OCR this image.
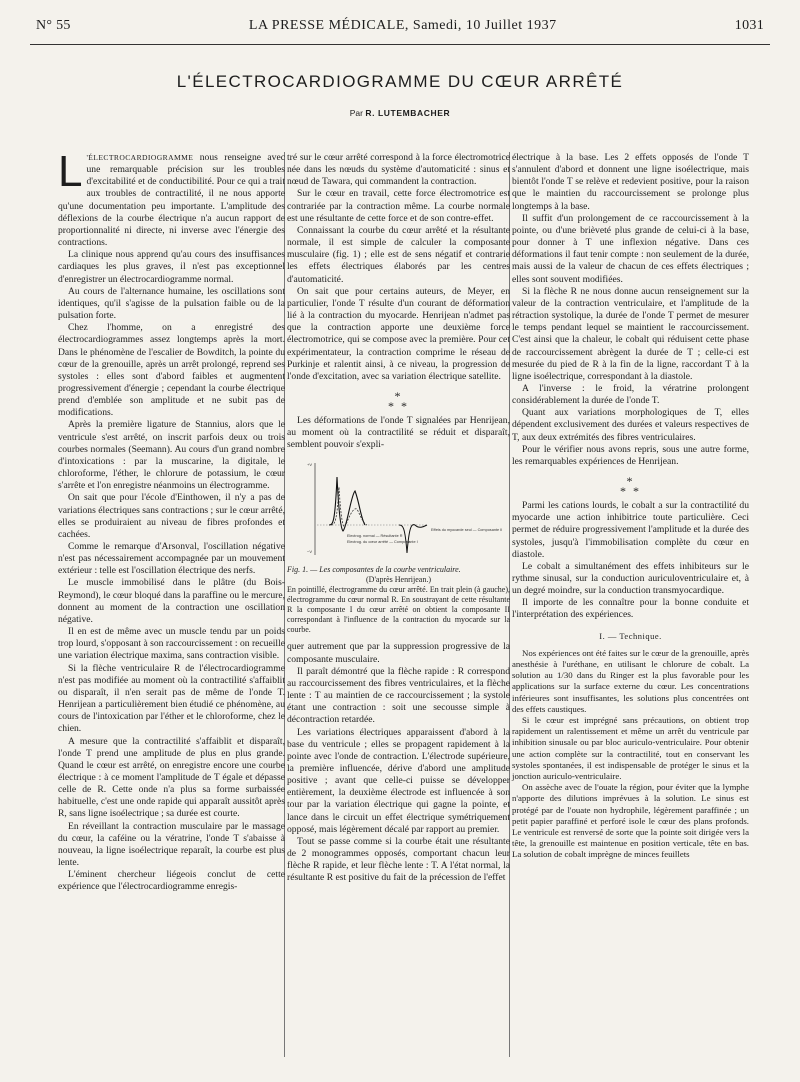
N° 55	LA PRESSE MÉDICALE, Samedi, 10 Juillet 1937	1031
L'ÉLECTROCARDIOGRAMME DU CŒUR ARRÊTÉ
Par R. LUTEMBACHER

L 'ÉLECTROCARDIOGRAMME nous renseigne avec une remarquable précision sur les troubles d'excitabilité et de conductibilité. Pour ce qui a trait aux troubles de contractilité, il ne nous apporte qu'une documentation peu importante. L'amplitude des déflexions de la courbe électrique n'a aucun rapport de proportionnalité ni directe, ni inverse avec l'énergie des contractions.

La clinique nous apprend qu'au cours des insuffisances cardiaques les plus graves, il n'est pas exceptionnel d'enregistrer un électrocardiogramme normal.

Au cours de l'alternance humaine, les oscillations sont identiques, qu'il s'agisse de la pulsation faible ou de la pulsation forte.

Chez l'homme, on a enregistré des électrocardiogrammes assez longtemps après la mort. Dans le phénomène de l'escalier de Bowditch, la pointe du cœur de la grenouille, après un arrêt prolongé, reprend ses systoles : elles sont d'abord faibles et augmentent progressivement d'énergie ; cependant la courbe électrique prend d'emblée son amplitude et ne subit pas de modifications.

Après la première ligature de Stannius, alors que le ventricule s'est arrêté, on inscrit parfois deux ou trois courbes normales (Seemann). Au cours d'un grand nombre d'intoxications : par la muscarine, la digitale, le chloroforme, l'éther, le chlorure de potassium, le cœur s'arrête et l'on enregistre néanmoins un électrogramme.

On sait que pour l'école d'Einthowen, il n'y a pas de variations électriques sans contractions ; sur le cœur arrêté, elles se produiraient au niveau de fibres profondes et cachées.

Comme le remarque d'Arsonval, l'oscillation négative n'est pas nécessairement accompagnée par un mouvement extérieur : telle est l'oscillation électrique des nerfs.

Le muscle immobilisé dans le plâtre (du Bois-Reymond), le cœur bloqué dans la paraffine ou le mercure, donnent au moment de la contraction une oscillation négative.

Il en est de même avec un muscle tendu par un poids trop lourd, s'opposant à son raccourcissement : on recueille une variation électrique maxima, sans contraction visible.

Si la flèche ventriculaire R de l'électrocardiogramme n'est pas modifiée au moment où la contractilité s'affaiblit ou disparaît, il n'en serait pas de même de l'onde T. Henrijean a particulièrement bien étudié ce phénomène, au cours de l'intoxication par l'éther et le chloroforme, chez le chien.

A mesure que la contractilité s'affaiblit et disparaît, l'onde T prend une amplitude de plus en plus grande. Quand le cœur est arrêté, on enregistre encore une courbe électrique : à ce moment l'amplitude de T égale et dépasse celle de R. Cette onde n'a plus sa forme surbaissée habituelle, c'est une onde rapide qui apparaît aussitôt après R, sans ligne isoélectrique ; sa durée est courte.

En réveillant la contraction musculaire par le massage du cœur, la caféine ou la vératrine, l'onde T s'abaisse à nouveau, la ligne isoélectrique reparaît, la courbe est plus lente.

L'éminent chercheur liégeois conclut de cette expérience que l'électrocardiogramme enregis-

tré sur le cœur arrêté correspond à la force électromotrice née dans les nœuds du système d'automaticité : sinus et nœud de Tawara, qui commandent la contraction.

Sur le cœur en travail, cette force électromotrice est contrariée par la contraction même. La courbe normale est une résultante de cette force et de son contre-effet.

Connaissant la courbe du cœur arrêté et la résultante normale, il est simple de calculer la composante musculaire (fig. 1) ; elle est de sens négatif et contrarie les effets électriques élaborés par les centres d'automaticité.

On sait que pour certains auteurs, de Meyer, en particulier, l'onde T résulte d'un courant de déformation lié à la contraction du myocarde. Henrijean n'admet pas que la contraction apporte une deuxième force électromotrice, qui se compose avec la première. Pour cet expérimentateur, la contraction comprime le réseau de Purkinje et ralentit ainsi, à ce niveau, la progression de l'onde d'excitation, avec sa variation électrique satellite.

*
* *

Les déformations de l'onde T signalées par Henrijean, au moment où la contractilité se réduit et disparaît, semblent pouvoir s'expli-

+V
−V
Electrog. normal — Résultante R
Electrog. du cœur arrêté — Composante I
Effets du myocarde seul — Composante II

Fig. 1. — Les composantes de la courbe ventriculaire.
(D'après Henrijean.)
En pointillé, électrogramme du cœur arrêté. En trait plein (à gauche), électrogramme du cœur normal R. En soustrayant de cette résultante R la composante I du cœur arrêté on obtient la composante II correspondant à l'influence de la contraction du myocarde sur la courbe.

quer autrement que par la suppression progressive de la composante musculaire.

Il paraît démontré que la flèche rapide : R correspond au raccourcissement des fibres ventriculaires, et la flèche lente : T au maintien de ce raccourcissement ; la systole étant une contraction : soit une secousse simple à décontraction retardée.

Les variations électriques apparaissent d'abord à la base du ventricule ; elles se propagent rapidement à la pointe avec l'onde de contraction. L'électrode supérieure, la première influencée, dérive d'abord une amplitude positive ; avant que celle-ci puisse se développer entièrement, la deuxième électrode est influencée à son tour par la variation électrique qui gagne la pointe, et lance dans le circuit un effet électrique symétriquement opposé, mais légèrement décalé par rapport au premier.

Tout se passe comme si la courbe était une résultante de 2 monogrammes opposés, comportant chacun leur flèche R rapide, et leur flèche lente : T. A l'état normal, la résultante R est positive du fait de la précession de l'effet

électrique à la base. Les 2 effets opposés de l'onde T s'annulent d'abord et donnent une ligne isoélectrique, mais bientôt l'onde T se relève et redevient positive, pour la raison que le maintien du raccourcissement se prolonge plus longtemps à la base.

Il suffit d'un prolongement de ce raccourcissement à la pointe, ou d'une brièveté plus grande de celui-ci à la base, pour donner à T une inflexion négative. Dans ces déformations il faut tenir compte : non seulement de la durée, mais aussi de la valeur de chacun de ces effets électriques ; elles sont souvent modifiées.

Si la flèche R ne nous donne aucun renseignement sur la valeur de la contraction ventriculaire, et l'amplitude de la rétraction systolique, la durée de l'onde T permet de mesurer le temps pendant lequel se maintient le raccourcissement. C'est ainsi que la chaleur, le cobalt qui réduisent cette phase de raccourcissement abrègent la durée de T ; celle-ci est mesurée du pied de R à la fin de la ligne, raccordant T à la ligne isoélectrique, correspondant à la diastole.

A l'inverse : le froid, la vératrine prolongent considérablement la durée de l'onde T.

Quant aux variations morphologiques de T, elles dépendent exclusivement des durées et valeurs respectives de T, aux deux extrémités des fibres ventriculaires.

Pour le vérifier nous avons repris, sous une autre forme, les remarquables expériences de Henrijean.

*
* *

Parmi les cations lourds, le cobalt a sur la contractilité du myocarde une action inhibitrice toute particulière. Ceci permet de réduire progressivement l'amplitude et la durée des systoles, jusqu'à l'immobilisation complète du cœur en diastole.

Le cobalt a simultanément des effets inhibiteurs sur le rythme sinusal, sur la conduction auriculoventriculaire et, à un degré moindre, sur la conduction transmyocardique.

Il importe de les connaître pour la bonne conduite et l'interprétation des expériences.

I. — Technique.

Nos expériences ont été faites sur le cœur de la grenouille, après anesthésie à l'uréthane, en utilisant le chlorure de cobalt. La solution au 1/30 dans du Ringer est la plus favorable pour les applications sur la surface externe du cœur. Les concentrations inférieures sont insuffisantes, les solutions plus concentrées ont des effets caustiques.

Si le cœur est imprégné sans précautions, on obtient trop rapidement un ralentissement et même un arrêt du ventricule par inhibition sinusale ou par bloc auriculo-ventriculaire. Pour obtenir une action complète sur la contractilité, tout en conservant les systoles spontanées, il est indispensable de protéger le sinus et la jonction auriculo-ventriculaire.

On assèche avec de l'ouate la région, pour éviter que la lymphe n'apporte des dilutions imprévues à la solution. Le sinus est protégé par de l'ouate non hydrophile, légèrement paraffinée ; un petit papier paraffiné et perforé isole le cœur des plans profonds. Le ventricule est renversé de sorte que la pointe soit dirigée vers la tête, la grenouille est maintenue en position verticale, tête en bas. La solution de cobalt imprègne de minces feuillets
